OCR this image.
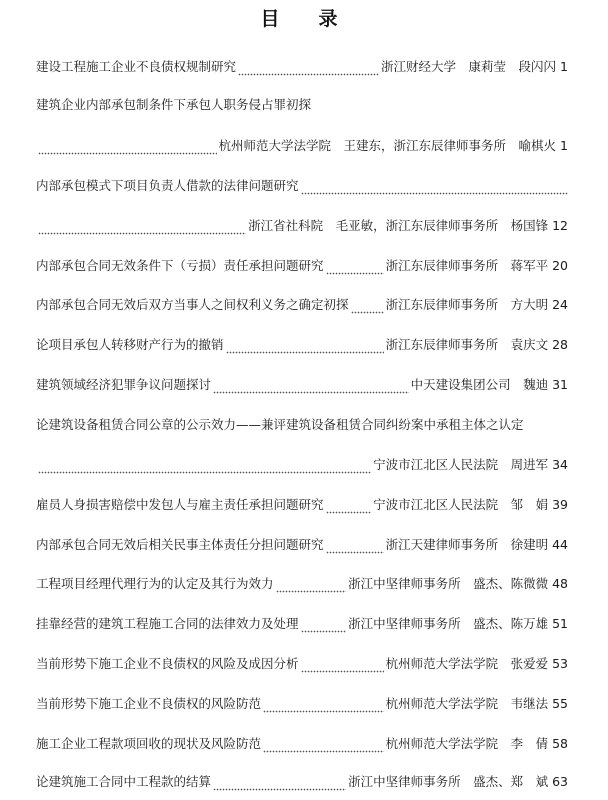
目　录
建设工程施工企业不良债权规制研究	浙江财经大学　康莉莹　段闪闪 1
建筑企业内部承包制条件下承包人职务侵占罪初探
杭州师范大学法学院　王建东，浙江东辰律师事务所　喻棋火 1
内部承包模式下项目负责人借款的法律问题研究
浙江省社科院　毛亚敏，浙江东辰律师事务所　杨国锋 12
内部承包合同无效条件下（亏损）责任承担问题研究	浙江东辰律师事务所　蒋军平 20
内部承包合同无效后双方当事人之间权利义务之确定初探	浙江东辰律师事务所　方大明 24
论项目承包人转移财产行为的撤销	浙江东辰律师事务所　袁庆文 28
建筑领域经济犯罪争议问题探讨	中天建设集团公司　魏迪 31
论建筑设备租赁合同公章的公示效力——兼评建筑设备租赁合同纠纷案中承租主体之认定
宁波市江北区人民法院　周进军 34
雇员人身损害赔偿中发包人与雇主责任承担问题研究	宁波市江北区人民法院　邹　娟 39
内部承包合同无效后相关民事主体责任分担问题研究	浙江天建律师事务所　徐建明 44
工程项目经理代理行为的认定及其行为效力	浙江中坚律师事务所　盛杰、陈微微 48
挂靠经营的建筑工程施工合同的法律效力及处理	浙江中坚律师事务所　盛杰、陈万雄 51
当前形势下施工企业不良债权的风险及成因分析	杭州师范大学法学院　张爱爱 53
当前形势下施工企业不良债权的风险防范	杭州师范大学法学院　韦继法 55
施工企业工程款项回收的现状及风险防范	杭州师范大学法学院　李　倩 58
论建筑施工合同中工程款的结算	浙江中坚律师事务所　盛杰、郑　斌 63
